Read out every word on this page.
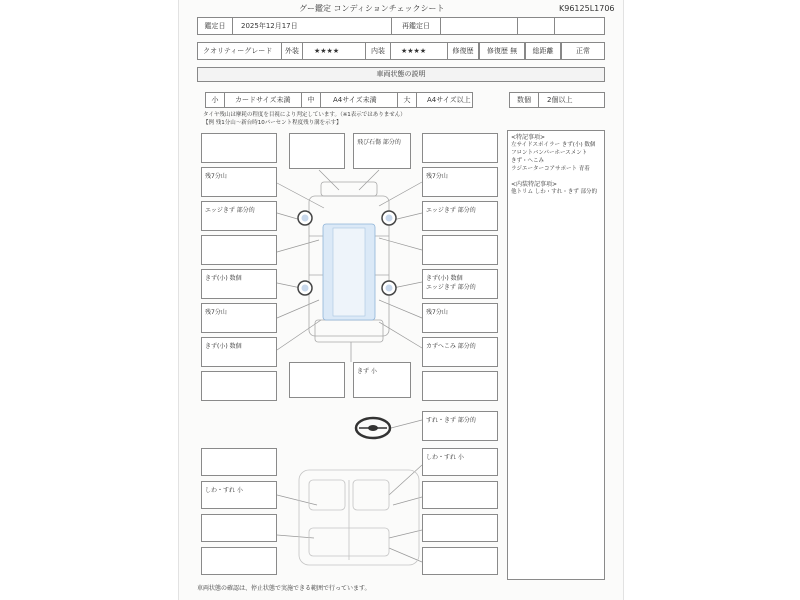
グー鑑定 コンディションチェックシート	K96125L1706
鑑定日 2025年12月17日	再鑑定日
クオリティーグレード 外装 ★★★★	内装 ★★★★	修復歴 修復歴 無 総距離	正常
車両状態の説明
小 カードサイズ未満 中	A4サイズ未満	大 A4サイズ以上	数個 2個以上
タイヤ残山は摩耗の程度を目視により判定しています。（※1表示ではありません）
【例 残1分山〜新台時10パーセント程度残り溝を示す】
<特記事項>
左サイドスポイラー きず(小) 数個
フロントバンパーホースメント
きず・へこみ
ラジエーターコアサポート 青着
<内装特記事項>
他トリム しわ・すれ・きず 部分的
残7分山
エッジきず 部分的
きず(小) 数個
残7分山
きず(小) 数個
残7分山
エッジきず 部分的
きず(小) 数個
エッジきず 部分的
残7分山
カずへこみ 部分的
飛び石傷 部分的
きず 小
すれ・きず 部分的
しわ・すれ 小
しわ・すれ 小
車両状態の確認は、停止状態で実施できる範囲で行っています。
